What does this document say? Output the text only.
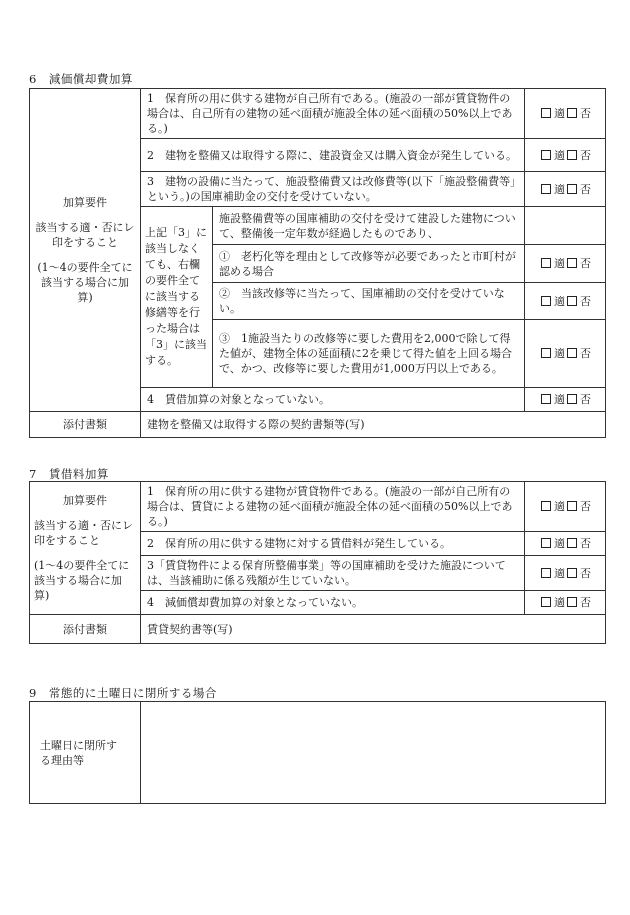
6　減価償却費加算
加算要件
該当する適・否にレ印をすること
(1～4の要件全てに該当する場合に加算)	1　保育所の用に供する建物が自己所有である。(施設の一部が賃貸物件の場合は、自己所有の建物の延べ面積が施設全体の延べ面積の50%以上である。)		適 否
	2　建物を整備又は取得する際に、建設資金又は購入資金が発生している。		適 否
	3　建物の設備に当たって、施設整備費又は改修費等(以下「施設整備費等」という。)の国庫補助金の交付を受けていない。		適 否
	上記「3」に該当しなくても、右欄の要件全てに該当する修繕等を行った場合は「3」に該当する。	施設整備費等の国庫補助の交付を受けて建設した建物について、整備後一定年数が経過したものであり、	
		①　老朽化等を理由として改修等が必要であったと市町村が認める場合	適 否
		②　当該改修等に当たって、国庫補助の交付を受けていない。	適 否
		③　1施設当たりの改修等に要した費用を2,000で除して得た値が、建物全体の延面積に2を乗じて得た値を上回る場合で、かつ、改修等に要した費用が1,000万円以上である。	適 否
	4　賃借加算の対象となっていない。		適 否
添付書類	建物を整備又は取得する際の契約書類等(写)		
7　賃借料加算
加算要件
該当する適・否にレ印をすること
(1～4の要件全てに該当する場合に加算)	1　保育所の用に供する建物が賃貸物件である。(施設の一部が自己所有の場合は、賃貸による建物の延べ面積が施設全体の延べ面積の50%以上である。)	適 否
	2　保育所の用に供する建物に対する賃借料が発生している。	適 否
	3「賃貸物件による保育所整備事業」等の国庫補助を受けた施設については、当該補助に係る残額が生じていない。	適 否
	4　減価償却費加算の対象となっていない。	適 否
添付書類	賃貸契約書等(写)	
9　常態的に土曜日に閉所する場合
土曜日に閉所する理由等	
